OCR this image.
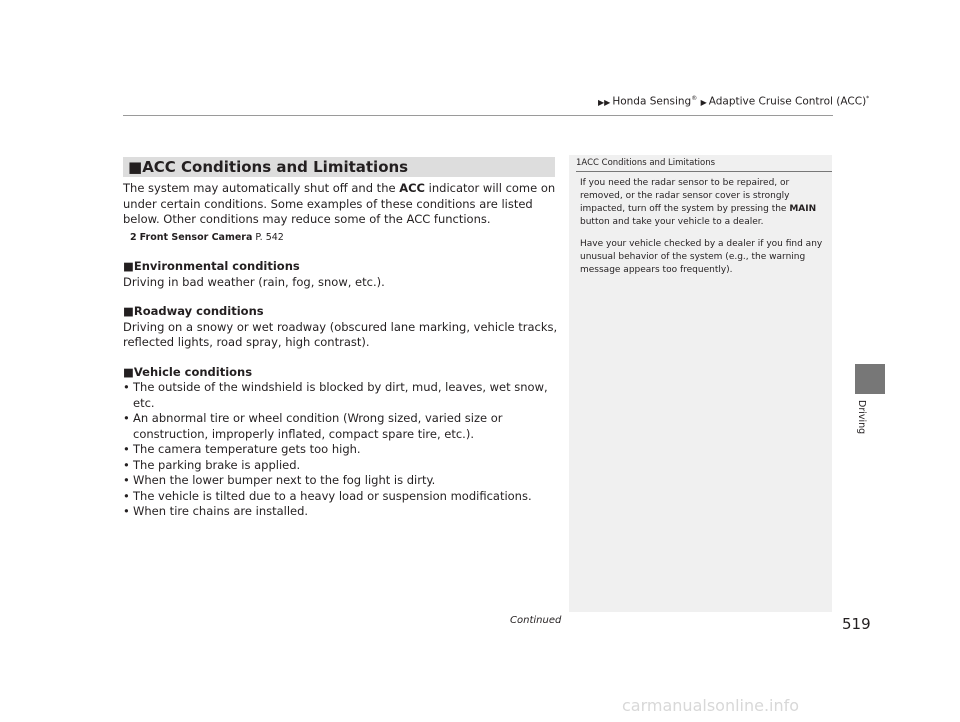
▶▶ Honda Sensing® ▶ Adaptive Cruise Control (ACC)*
■ACC Conditions and Limitations

The system may automatically shut off and the ACC indicator will come on under certain conditions. Some examples of these conditions are listed below. Other conditions may reduce some of the ACC functions.

2 Front Sensor Camera P. 542
■Environmental conditions

Driving in bad weather (rain, fog, snow, etc.).

■Roadway conditions

Driving on a snowy or wet roadway (obscured lane marking, vehicle tracks, reflected lights, road spray, high contrast).

■Vehicle conditions
• The outside of the windshield is blocked by dirt, mud, leaves, wet snow, etc.
• An abnormal tire or wheel condition (Wrong sized, varied size or construction, improperly inflated, compact spare tire, etc.).
• The camera temperature gets too high.
• The parking brake is applied.
• When the lower bumper next to the fog light is dirty.
• The vehicle is tilted due to a heavy load or suspension modifications.
• When tire chains are installed.
1ACC Conditions and Limitations

If you need the radar sensor to be repaired, or removed, or the radar sensor cover is strongly impacted, turn off the system by pressing the MAIN button and take your vehicle to a dealer.

Have your vehicle checked by a dealer if you find any unusual behavior of the system (e.g., the warning message appears too frequently).

Driving
Continued	519
carmanualsonline.info
